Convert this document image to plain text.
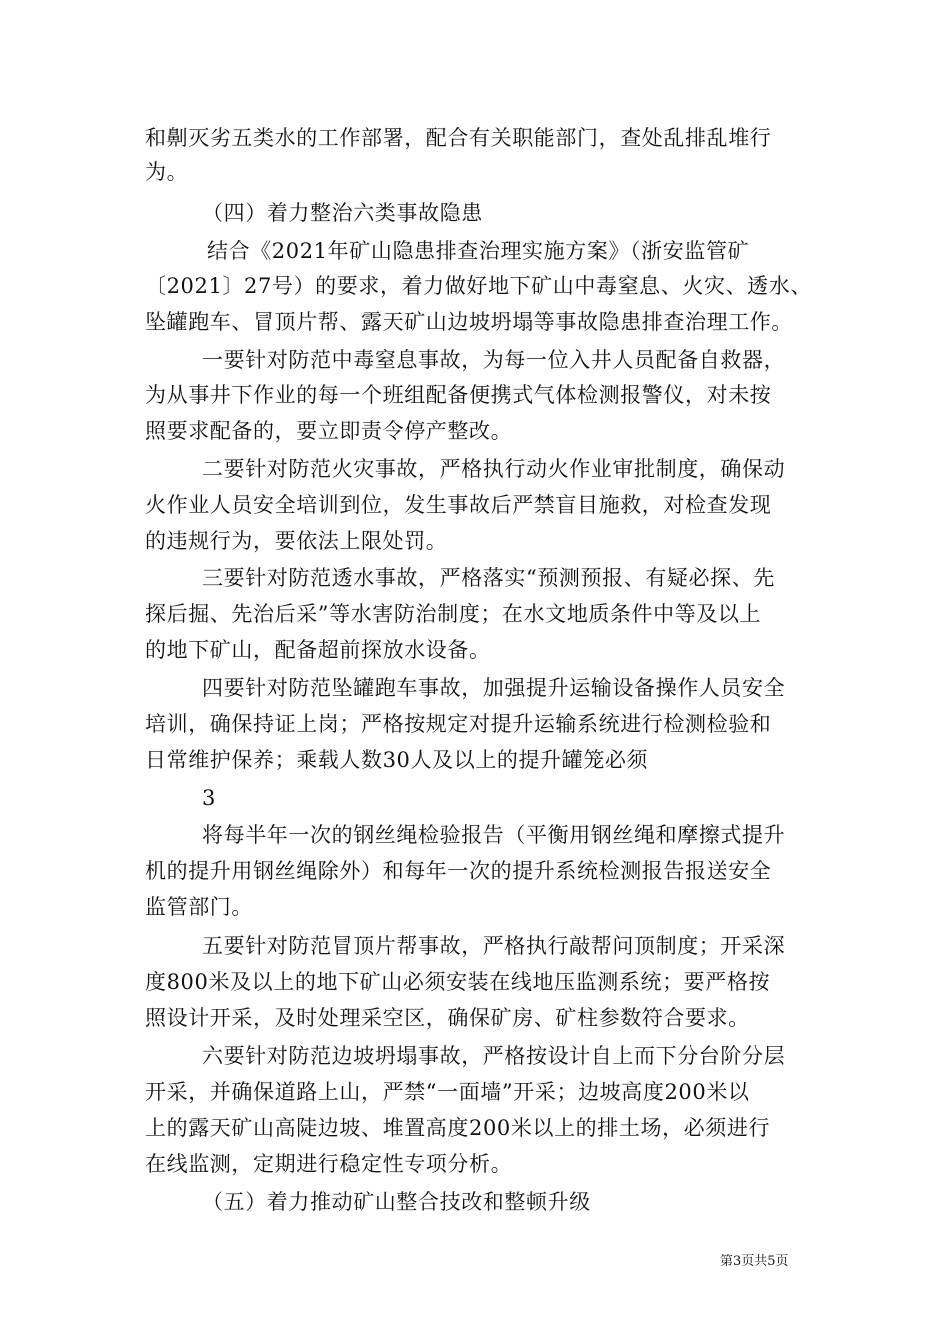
和劓灭劣五类水的工作部署，配合有关职能部门，查处乱排乱堆行
为。
（四）着力整治六类事故隐患
结合《2021年矿山隐患排查治理实施方案》（浙安监管矿
〔2021〕27号）的要求，着力做好地下矿山中毒窒息、火灾、透水、
坠罐跑车、冒顶片帮、露天矿山边坡坍塌等事故隐患排查治理工作。
一要针对防范中毒窒息事故，为每一位入井人员配备自救器，
为从事井下作业的每一个班组配备便携式气体检测报警仪，对未按
照要求配备的，要立即责令停产整改。
二要针对防范火灾事故，严格执行动火作业审批制度，确保动
火作业人员安全培训到位，发生事故后严禁盲目施救，对检查发现
的违规行为，要依法上限处罚。
三要针对防范透水事故，严格落实“预测预报、有疑必探、先
探后掘、先治后采”等水害防治制度；在水文地质条件中等及以上
的地下矿山，配备超前探放水设备。
四要针对防范坠罐跑车事故，加强提升运输设备操作人员安全
培训，确保持证上岗；严格按规定对提升运输系统进行检测检验和
日常维护保养；乘载人数30人及以上的提升罐笼必须
3
将每半年一次的钢丝绳检验报告（平衡用钢丝绳和摩擦式提升
机的提升用钢丝绳除外）和每年一次的提升系统检测报告报送安全
监管部门。
五要针对防范冒顶片帮事故，严格执行敲帮问顶制度；开采深
度800米及以上的地下矿山必须安装在线地压监测系统；要严格按
照设计开采，及时处理采空区，确保矿房、矿柱参数符合要求。
六要针对防范边坡坍塌事故，严格按设计自上而下分台阶分层
开采，并确保道路上山，严禁“一面墙”开采；边坡高度200米以
上的露天矿山高陡边坡、堆置高度200米以上的排土场，必须进行
在线监测，定期进行稳定性专项分析。
（五）着力推动矿山整合技改和整顿升级
第3页共5页
